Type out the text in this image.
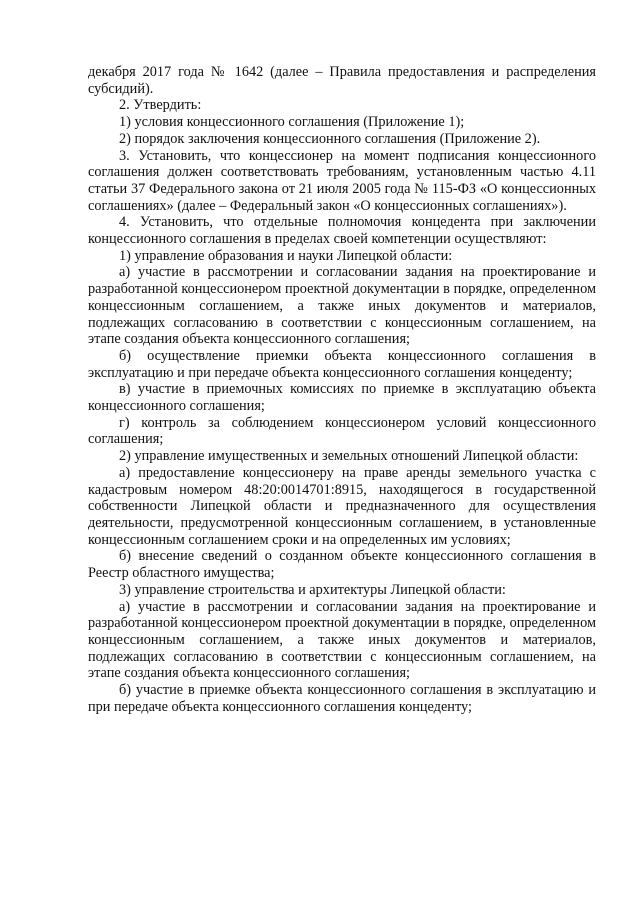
декабря 2017 года № 1642 (далее – Правила предоставления и распределения субсидий).

2. Утвердить:

1) условия концессионного соглашения (Приложение 1);

2) порядок заключения концессионного соглашения (Приложение 2).

3. Установить, что концессионер на момент подписания концессионного соглашения должен соответствовать требованиям, установленным частью 4.11 статьи 37 Федерального закона от 21 июля 2005 года № 115-ФЗ «О концессионных соглашениях» (далее – Федеральный закон «О концессионных соглашениях»).

4. Установить, что отдельные полномочия концедента при заключении концессионного соглашения в пределах своей компетенции осуществляют:

1) управление образования и науки Липецкой области:

а) участие в рассмотрении и согласовании задания на проектирование и разработанной концессионером проектной документации в порядке, определенном концессионным соглашением, а также иных документов и материалов, подлежащих согласованию в соответствии с концессионным соглашением, на этапе создания объекта концессионного соглашения;

б) осуществление приемки объекта концессионного соглашения в эксплуатацию и при передаче объекта концессионного соглашения концеденту;

в) участие в приемочных комиссиях по приемке в эксплуатацию объекта концессионного соглашения;

г) контроль за соблюдением концессионером условий концессионного соглашения;

2) управление имущественных и земельных отношений Липецкой области:

а) предоставление концессионеру на праве аренды земельного участка с кадастровым номером 48:20:0014701:8915, находящегося в государственной собственности Липецкой области и предназначенного для осуществления деятельности, предусмотренной концессионным соглашением, в установленные концессионным соглашением сроки и на определенных им условиях;

б) внесение сведений о созданном объекте концессионного соглашения в Реестр областного имущества;

3) управление строительства и архитектуры Липецкой области:

а) участие в рассмотрении и согласовании задания на проектирование и разработанной концессионером проектной документации в порядке, определенном концессионным соглашением, а также иных документов и материалов, подлежащих согласованию в соответствии с концессионным соглашением, на этапе создания объекта концессионного соглашения;

б) участие в приемке объекта концессионного соглашения в эксплуатацию и при передаче объекта концессионного соглашения концеденту;
